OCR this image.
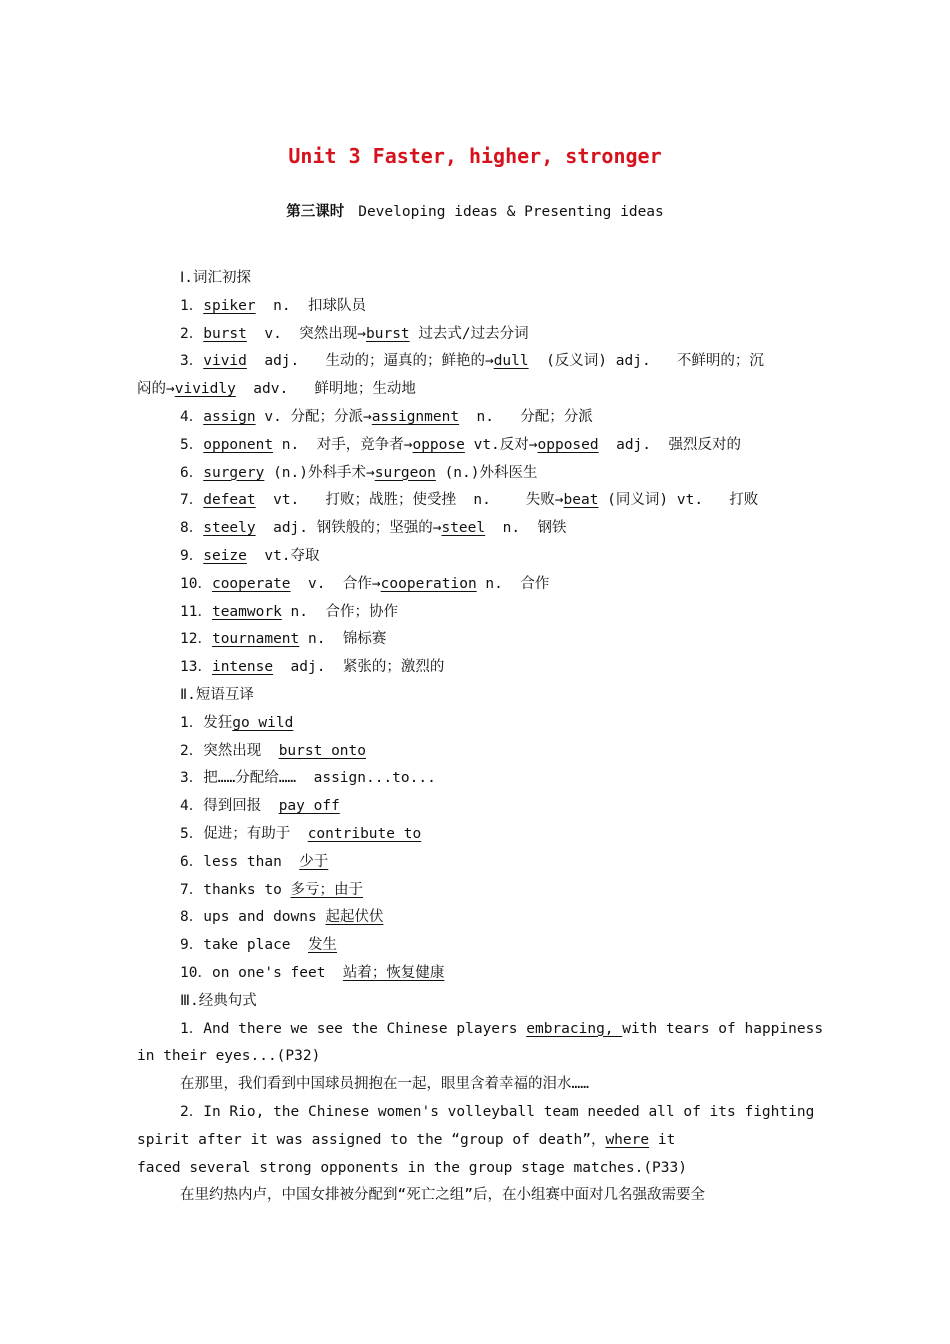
Unit 3 Faster, higher, stronger
第三课时 Developing ideas & Presenting ideas
Ⅰ.词汇初探
1．spiker  n.  扣球队员
2．burst  v.  突然出现→burst 过去式/过去分词
3．vivid  adj.   生动的；逼真的；鲜艳的→dull  (反义词) adj.   不鲜明的；沉
闷的→vividly  adv.   鲜明地；生动地
4．assign v. 分配；分派→assignment  n.   分配；分派
5．opponent n.  对手，竞争者→oppose vt.反对→opposed  adj.  强烈反对的
6．surgery (n.)外科手术→surgeon (n.)外科医生
7．defeat  vt.   打败；战胜；使受挫  n.    失败→beat (同义词) vt.   打败
8．steely  adj. 钢铁般的；坚强的→steel  n.  钢铁
9．seize  vt.夺取
10．cooperate  v.  合作→cooperation n.  合作
11．teamwork n.  合作；协作
12．tournament n.  锦标赛
13．intense  adj.  紧张的；激烈的
Ⅱ.短语互译
1．发狂go wild
2．突然出现  burst onto
3．把……分配给……  assign...to...
4．得到回报  pay off
5．促进；有助于  contribute to
6．less than  少于
7．thanks to 多亏；由于
8．ups and downs 起起伏伏
9．take place  发生
10．on one's feet  站着；恢复健康
Ⅲ.经典句式
1．And there we see the Chinese players embracing, with tears of happiness
in their eyes...(P32)
在那里，我们看到中国球员拥抱在一起，眼里含着幸福的泪水……
2．In Rio, the Chinese women's volleyball team needed all of its fighting
spirit after it was assigned to the “group of death”，where it
faced several strong opponents in the group stage matches.(P33)
在里约热内卢，中国女排被分配到“死亡之组”后，在小组赛中面对几名强敌需要全
